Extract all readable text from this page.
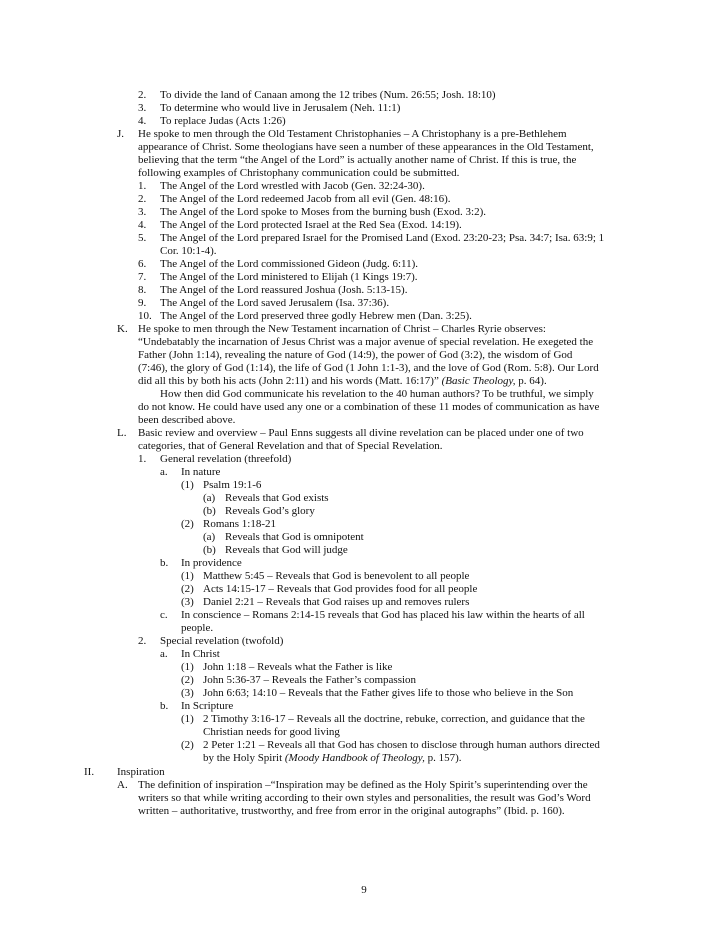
2. To divide the land of Canaan among the 12 tribes (Num. 26:55; Josh. 18:10)
3. To determine who would live in Jerusalem (Neh. 11:1)
4. To replace Judas (Acts 1:26)
J. He spoke to men through the Old Testament Christophanies – A Christophany is a pre-Bethlehem
appearance of Christ. Some theologians have seen a number of these appearances in the Old Testament,
believing that the term “the Angel of the Lord” is actually another name of Christ. If this is true, the
following examples of Christophany communication could be submitted.
1. The Angel of the Lord wrestled with Jacob (Gen. 32:24-30).
2. The Angel of the Lord redeemed Jacob from all evil (Gen. 48:16).
3. The Angel of the Lord spoke to Moses from the burning bush (Exod. 3:2).
4. The Angel of the Lord protected Israel at the Red Sea (Exod. 14:19).
5. The Angel of the Lord prepared Israel for the Promised Land (Exod. 23:20-23; Psa. 34:7; Isa. 63:9; 1
Cor. 10:1-4).
6. The Angel of the Lord commissioned Gideon (Judg. 6:11).
7. The Angel of the Lord ministered to Elijah (1 Kings 19:7).
8. The Angel of the Lord reassured Joshua (Josh. 5:13-15).
9. The Angel of the Lord saved Jerusalem (Isa. 37:36).
10. The Angel of the Lord preserved three godly Hebrew men (Dan. 3:25).
K. He spoke to men through the New Testament incarnation of Christ – Charles Ryrie observes:
“Undebatably the incarnation of Jesus Christ was a major avenue of special revelation. He exegeted the
Father (John 1:14), revealing the nature of God (14:9), the power of God (3:2), the wisdom of God
(7:46), the glory of God (1:14), the life of God (1 John 1:1-3), and the love of God (Rom. 5:8). Our Lord
did all this by both his acts (John 2:11) and his words (Matt. 16:17)” (Basic Theology, p. 64).
How then did God communicate his revelation to the 40 human authors? To be truthful, we simply
do not know. He could have used any one or a combination of these 11 modes of communication as have
been described above.
L. Basic review and overview – Paul Enns suggests all divine revelation can be placed under one of two
categories, that of General Revelation and that of Special Revelation.
1. General revelation (threefold)
a. In nature
(1) Psalm 19:1-6
(a) Reveals that God exists
(b) Reveals God’s glory
(2) Romans 1:18-21
(a) Reveals that God is omnipotent
(b) Reveals that God will judge
b. In providence
(1) Matthew 5:45 – Reveals that God is benevolent to all people
(2) Acts 14:15-17 – Reveals that God provides food for all people
(3) Daniel 2:21 – Reveals that God raises up and removes rulers
c. In conscience – Romans 2:14-15 reveals that God has placed his law within the hearts of all
people.
2. Special revelation (twofold)
a. In Christ
(1) John 1:18 – Reveals what the Father is like
(2) John 5:36-37 – Reveals the Father’s compassion
(3) John 6:63; 14:10 – Reveals that the Father gives life to those who believe in the Son
b. In Scripture
(1) 2 Timothy 3:16-17 – Reveals all the doctrine, rebuke, correction, and guidance that the
Christian needs for good living
(2) 2 Peter 1:21 – Reveals all that God has chosen to disclose through human authors directed
by the Holy Spirit (Moody Handbook of Theology, p. 157).
II. Inspiration
A. The definition of inspiration –“Inspiration may be defined as the Holy Spirit’s superintending over the
writers so that while writing according to their own styles and personalities, the result was God’s Word
written – authoritative, trustworthy, and free from error in the original autographs” (Ibid. p. 160).
9
